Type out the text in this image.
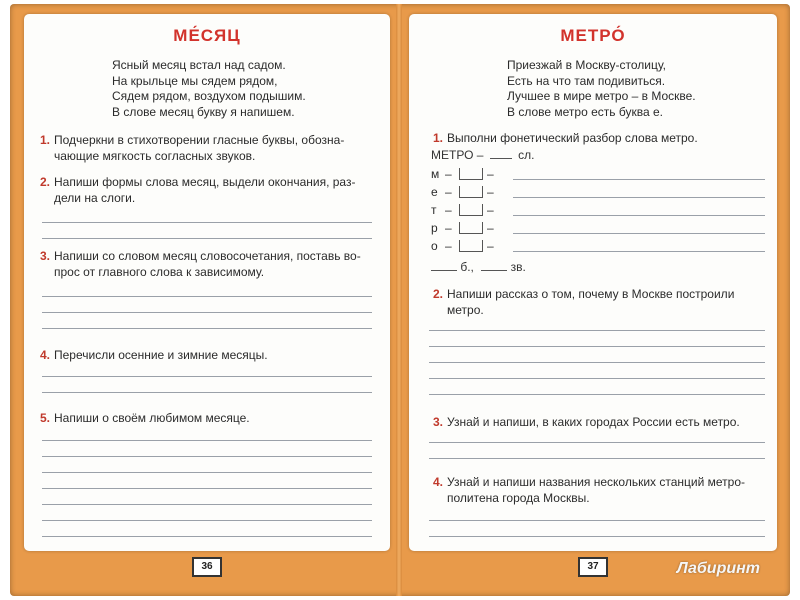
МЕ́СЯЦ
Ясный месяц встал над садом.
На крыльце мы сядем рядом,
Сядем рядом, воздухом подышим.
В слове месяц букву я напишем.
1. Подчеркни в стихотворении гласные буквы, обозна-
чающие мягкость согласных звуков.
2. Напиши формы слова месяц, выдели окончания, раз-
дели на слоги.
3. Напиши со словом месяц словосочетания, поставь во-
прос от главного слова к зависимому.
4. Перечисли осенние и зимние месяцы.
5. Напиши о своём любимом месяце.
36
МЕТРО́
Приезжай в Москву-столицу,
Есть на что там подивиться.
Лучшее в мире метро – в Москве.
В слове метро есть буква е.
1. Выполни фонетический разбор слова метро.
МЕТРО –	сл.
м –	–
е –	–
т –	–
р –	–
о –	–
б.,	зв.
2. Напиши рассказ о том, почему в Москве построили
метро.
3. Узнай и напиши, в каких городах России есть метро.
4. Узнай и напиши названия нескольких станций метро-
политена города Москвы.
37	Лабиринт
